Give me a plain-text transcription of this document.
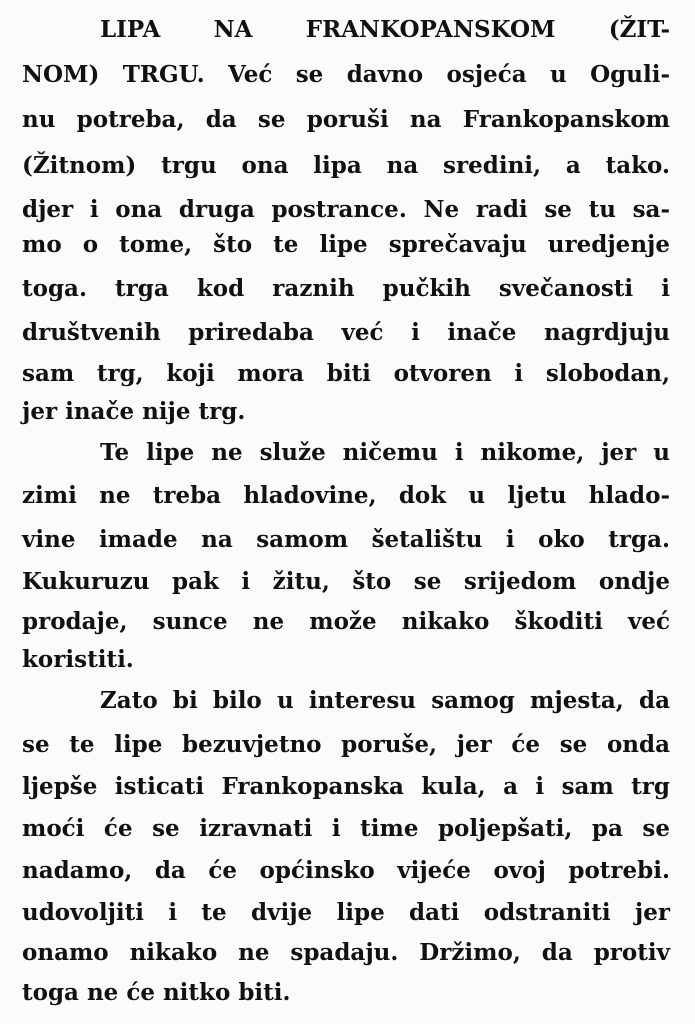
LIPA NA FRANKOPANSKOM (ŽIT-
NOM) TRGU. Već se davno osjeća u Oguli-
nu potreba, da se poruši na Frankopanskom
(Žitnom) trgu ona lipa na sredini, a tako.
djer i ona druga postrance. Ne radi se tu sa-
mo o tome, što te lipe sprečavaju uredjenje
toga. trga kod raznih pučkih svečanosti i
društvenih priredaba već i inače nagrdjuju
sam trg, koji mora biti otvoren i slobodan,
jer inače nije trg.
Te lipe ne služe ničemu i nikome, jer u
zimi ne treba hladovine, dok u ljetu hlado-
vine imade na samom šetalištu i oko trga.
Kukuruzu pak i žitu, što se srijedom ondje
prodaje, sunce ne može nikako škoditi već
koristiti.
Zato bi bilo u interesu samog mjesta, da
se te lipe bezuvjetno poruše, jer će se onda
ljepše isticati Frankopanska kula, a i sam trg
moći će se izravnati i time poljepšati, pa se
nadamo, da će općinsko vijeće ovoj potrebi.
udovoljiti i te dvije lipe dati odstraniti jer
onamo nikako ne spadaju. Držimo, da protiv
toga ne će nitko biti.
